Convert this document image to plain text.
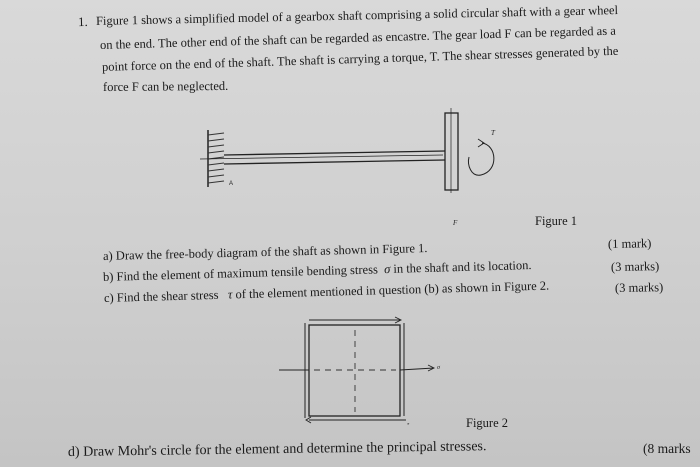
1. Figure 1 shows a simplified model of a gearbox shaft comprising a solid circular shaft with a gear wheel
on the end. The other end of the shaft can be regarded as encastre. The gear load F can be regarded as a
point force on the end of the shaft. The shaft is carrying a torque, T. The shear stresses generated by the
force F can be neglected.
T
F
A
Figure 1
a) Draw the free-body diagram of the shaft as shown in Figure 1.	(1 mark)
b) Find the element of maximum tensile bending stress σ in the shaft and its location.	(3 marks)
c) Find the shear stress τ of the element mentioned in question (b) as shown in Figure 2.	(3 marks)
σ
τ	Figure 2
d) Draw Mohr's circle for the element and determine the principal stresses.	(8 marks
